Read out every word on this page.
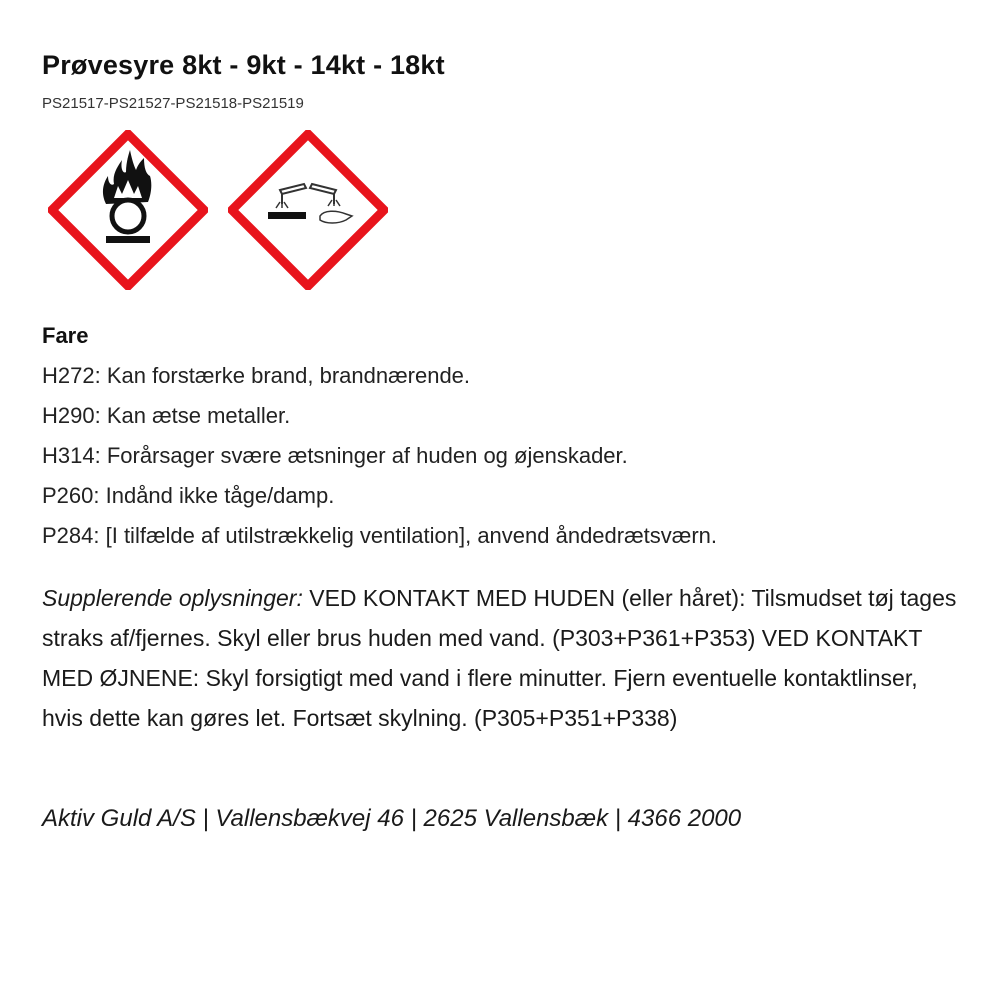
Prøvesyre 8kt - 9kt - 14kt - 18kt
PS21517-PS21527-PS21518-PS21519
Fare
H272: Kan forstærke brand, brandnærende.
H290: Kan ætse metaller.
H314: Forårsager svære ætsninger af huden og øjenskader.
P260: Indånd ikke tåge/damp.
P284: [I tilfælde af utilstrækkelig ventilation], anvend åndedrætsværn.
Supplerende oplysninger: VED KONTAKT MED HUDEN (eller håret): Tilsmudset tøj tages straks af/fjernes. Skyl eller brus huden med vand. (P303+P361+P353) VED KONTAKT MED ØJNENE: Skyl forsigtigt med vand i flere minutter. Fjern eventuelle kontaktlinser, hvis dette kan gøres let. Fortsæt skylning. (P305+P351+P338)
Aktiv Guld A/S | Vallensbækvej 46 | 2625 Vallensbæk | 4366 2000
